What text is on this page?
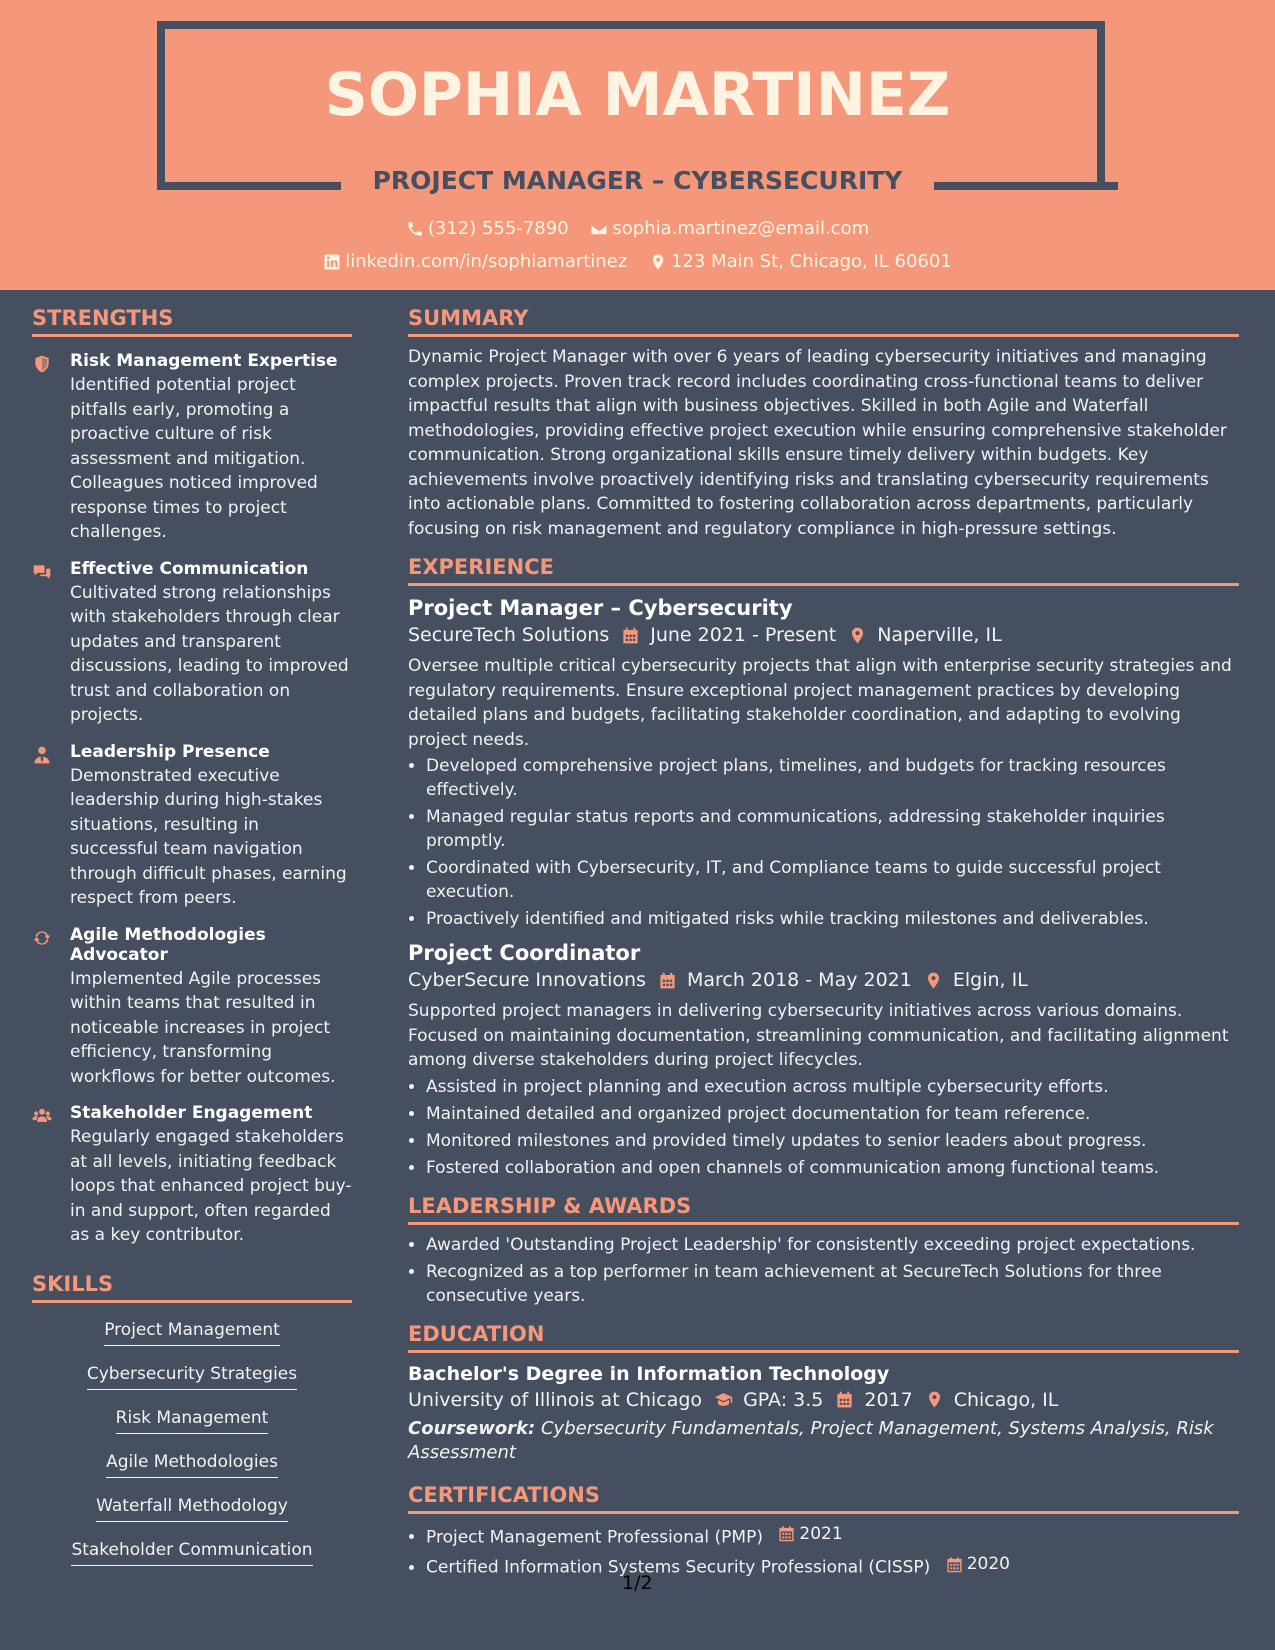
SOPHIA MARTINEZ
PROJECT MANAGER – CYBERSECURITY
(312) 555-7890
sophia.martinez@email.com
linkedin.com/in/sophiamartinez
123 Main St, Chicago, IL 60601
STRENGTHS

Risk Management Expertise

Identified potential project pitfalls early, promoting a proactive culture of risk assessment and mitigation. Colleagues noticed improved response times to project challenges.

Effective Communication

Cultivated strong relationships with stakeholders through clear updates and transparent discussions, leading to improved trust and collaboration on projects.

Leadership Presence

Demonstrated executive leadership during high-stakes situations, resulting in successful team navigation through difficult phases, earning respect from peers.

Agile Methodologies Advocator

Implemented Agile processes within teams that resulted in noticeable increases in project efficiency, transforming workflows for better outcomes.

Stakeholder Engagement

Regularly engaged stakeholders at all levels, initiating feedback loops that enhanced project buy-in and support, often regarded as a key contributor.

SKILLS
Project Management
Cybersecurity Strategies
Risk Management
Agile Methodologies
Waterfall Methodology
Stakeholder Communication
SUMMARY

Dynamic Project Manager with over 6 years of leading cybersecurity initiatives and managing complex projects. Proven track record includes coordinating cross-functional teams to deliver impactful results that align with business objectives. Skilled in both Agile and Waterfall methodologies, providing effective project execution while ensuring comprehensive stakeholder communication. Strong organizational skills ensure timely delivery within budgets. Key achievements involve proactively identifying risks and translating cybersecurity requirements into actionable plans. Committed to fostering collaboration across departments, particularly focusing on risk management and regulatory compliance in high-pressure settings.

EXPERIENCE

Project Manager – Cybersecurity

SecureTech Solutions June 2021 - Present Naperville, IL

Oversee multiple critical cybersecurity projects that align with enterprise security strategies and regulatory requirements. Ensure exceptional project management practices by developing detailed plans and budgets, facilitating stakeholder coordination, and adapting to evolving project needs.

• Developed comprehensive project plans, timelines, and budgets for tracking resources effectively.
• Managed regular status reports and communications, addressing stakeholder inquiries promptly.
• Coordinated with Cybersecurity, IT, and Compliance teams to guide successful project execution.
• Proactively identified and mitigated risks while tracking milestones and deliverables.

Project Coordinator

CyberSecure Innovations March 2018 - May 2021 Elgin, IL

Supported project managers in delivering cybersecurity initiatives across various domains. Focused on maintaining documentation, streamlining communication, and facilitating alignment among diverse stakeholders during project lifecycles.

• Assisted in project planning and execution across multiple cybersecurity efforts.
• Maintained detailed and organized project documentation for team reference.
• Monitored milestones and provided timely updates to senior leaders about progress.
• Fostered collaboration and open channels of communication among functional teams.
LEADERSHIP & AWARDS
• Awarded 'Outstanding Project Leadership' for consistently exceeding project expectations.
• Recognized as a top performer in team achievement at SecureTech Solutions for three consecutive years.
EDUCATION

Bachelor's Degree in Information Technology

University of Illinois at Chicago GPA: 3.5 2017 Chicago, IL

Coursework: Cybersecurity Fundamentals, Project Management, Systems Analysis, Risk Assessment

CERTIFICATIONS
• Project Management Professional (PMP) 2021
• Certified Information Systems Security Professional (CISSP) 2020
1/2
